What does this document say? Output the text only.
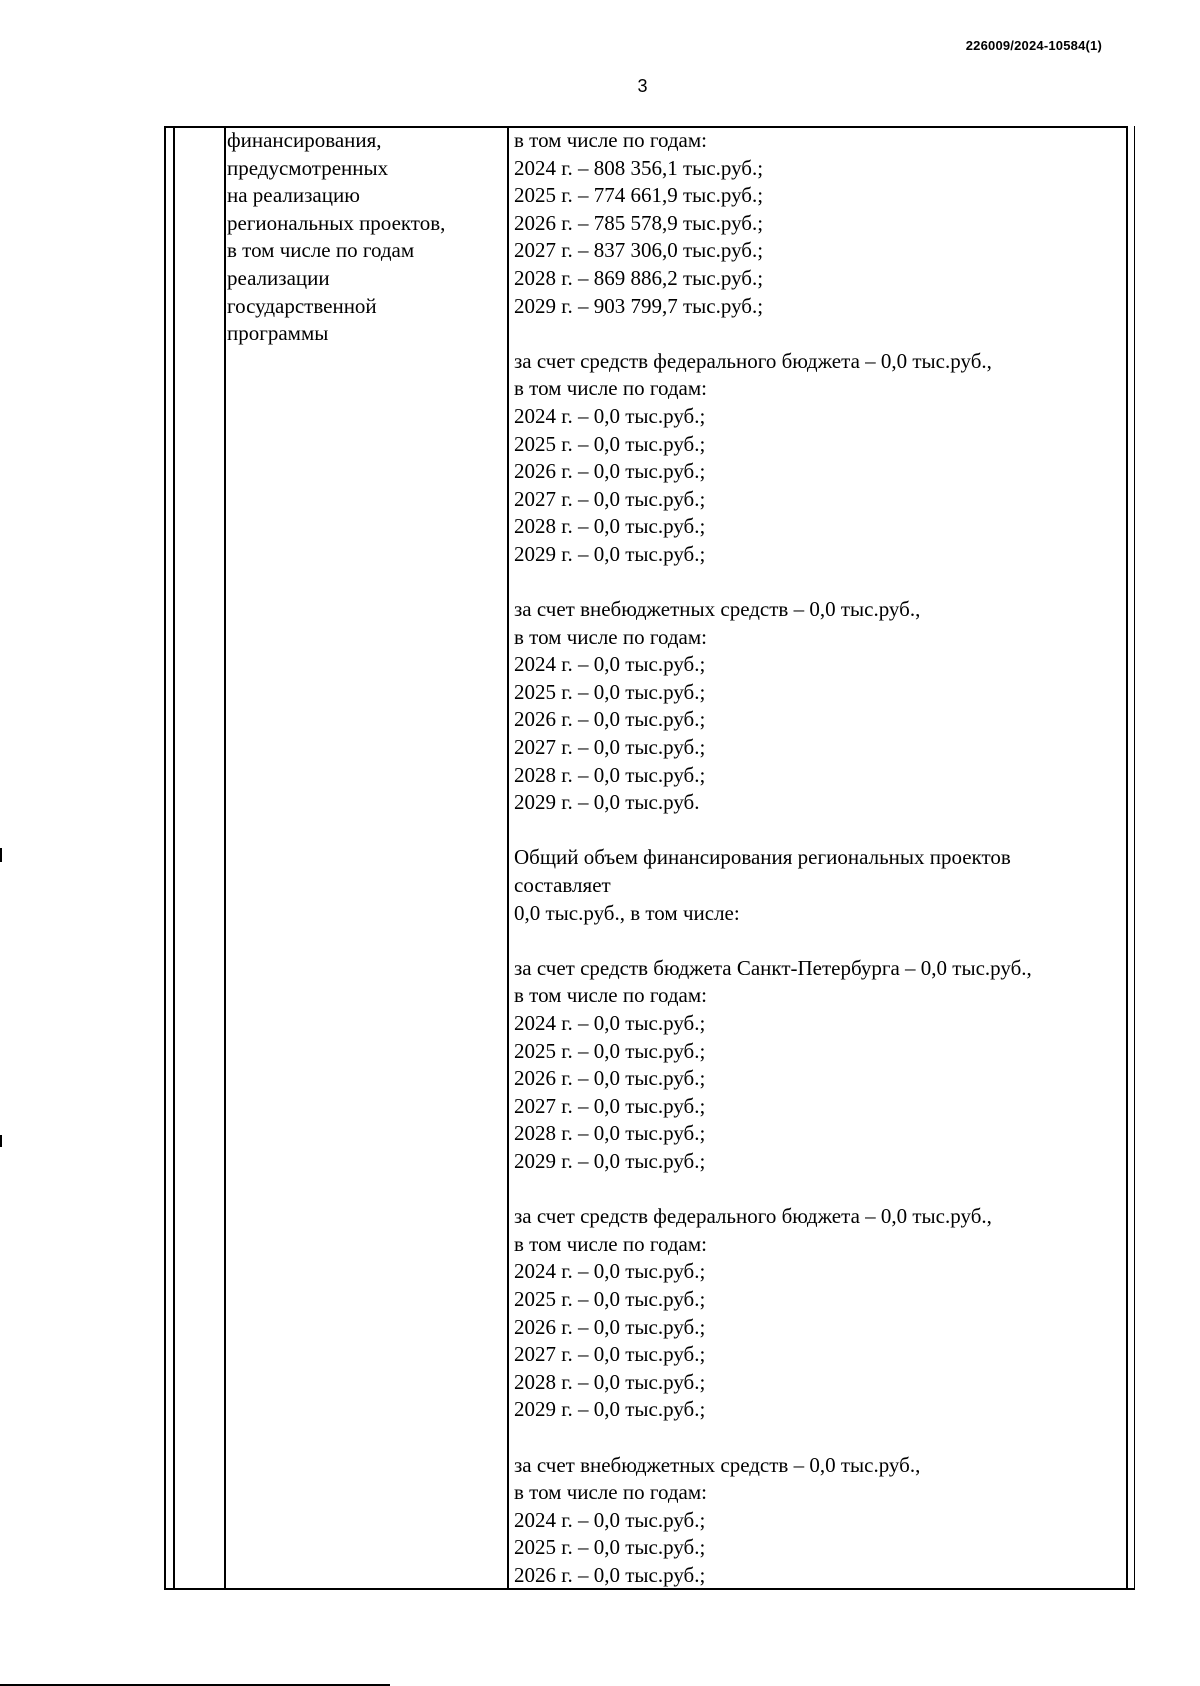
226009/2024-10584(1)
3
финансирования,
предусмотренных
на реализацию
региональных проектов,
в том числе по годам
реализации
государственной
программы
в том числе по годам:
2024 г. – 808 356,1 тыс.руб.;
2025 г. – 774 661,9 тыс.руб.;
2026 г. – 785 578,9 тыс.руб.;
2027 г. – 837 306,0 тыс.руб.;
2028 г. – 869 886,2 тыс.руб.;
2029 г. – 903 799,7 тыс.руб.;
за счет средств федерального бюджета – 0,0 тыс.руб.,
в том числе по годам:
2024 г. – 0,0 тыс.руб.;
2025 г. – 0,0 тыс.руб.;
2026 г. – 0,0 тыс.руб.;
2027 г. – 0,0 тыс.руб.;
2028 г. – 0,0 тыс.руб.;
2029 г. – 0,0 тыс.руб.;
за счет внебюджетных средств – 0,0 тыс.руб.,
в том числе по годам:
2024 г. – 0,0 тыс.руб.;
2025 г. – 0,0 тыс.руб.;
2026 г. – 0,0 тыс.руб.;
2027 г. – 0,0 тыс.руб.;
2028 г. – 0,0 тыс.руб.;
2029 г. – 0,0 тыс.руб.
Общий объем финансирования региональных проектов
составляет
0,0 тыс.руб., в том числе:
за счет средств бюджета Санкт-Петербурга – 0,0 тыс.руб.,
в том числе по годам:
2024 г. – 0,0 тыс.руб.;
2025 г. – 0,0 тыс.руб.;
2026 г. – 0,0 тыс.руб.;
2027 г. – 0,0 тыс.руб.;
2028 г. – 0,0 тыс.руб.;
2029 г. – 0,0 тыс.руб.;
за счет средств федерального бюджета – 0,0 тыс.руб.,
в том числе по годам:
2024 г. – 0,0 тыс.руб.;
2025 г. – 0,0 тыс.руб.;
2026 г. – 0,0 тыс.руб.;
2027 г. – 0,0 тыс.руб.;
2028 г. – 0,0 тыс.руб.;
2029 г. – 0,0 тыс.руб.;
за счет внебюджетных средств – 0,0 тыс.руб.,
в том числе по годам:
2024 г. – 0,0 тыс.руб.;
2025 г. – 0,0 тыс.руб.;
2026 г. – 0,0 тыс.руб.;
